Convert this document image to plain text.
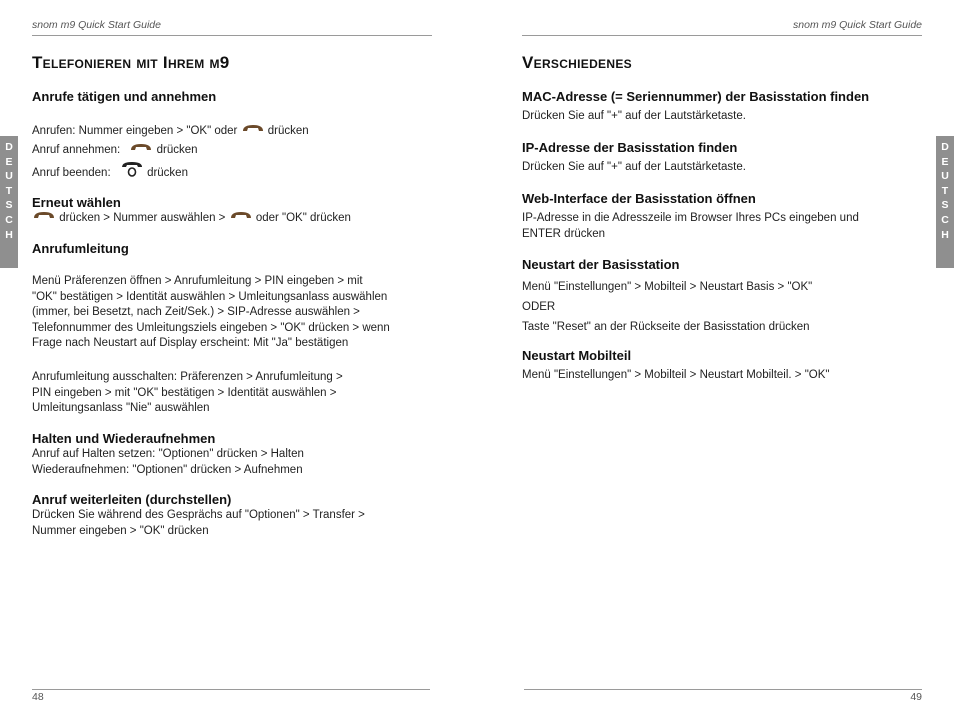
snom m9 Quick Start Guide	snom m9 Quick Start Guide
D
E
U
T
S
C
H
D
E
U
T
S
C
H
Telefonieren mit Ihrem m9
Anrufe tätigen und annehmen
Anrufen: Nummer eingeben > "OK" oder	drücken
Anruf annehmen:	drücken
Anruf beenden:	drücken
Erneut wählen
drücken > Nummer auswählen >	oder "OK" drücken
Anrufumleitung
Menü Präferenzen öffnen > Anrufumleitung > PIN eingeben > mit
"OK" bestätigen > Identität auswählen > Umleitungsanlass auswählen
(immer, bei Besetzt, nach Zeit/Sek.) > SIP-Adresse auswählen >
Telefonnummer des Umleitungsziels eingeben > "OK" drücken > wenn
Frage nach Neustart auf Display erscheint: Mit "Ja" bestätigen
Anrufumleitung ausschalten: Präferenzen > Anrufumleitung >
PIN eingeben > mit "OK" bestätigen > Identität auswählen >
Umleitungsanlass "Nie" auswählen
Halten und Wiederaufnehmen
Anruf auf Halten setzen: "Optionen" drücken > Halten
Wiederaufnehmen: "Optionen" drücken > Aufnehmen
Anruf weiterleiten (durchstellen)
Drücken Sie während des Gesprächs auf "Optionen" > Transfer >
Nummer eingeben > "OK" drücken
Verschiedenes
MAC-Adresse (= Seriennummer) der Basisstation finden
Drücken Sie auf "+" auf der Lautstärketaste.
IP-Adresse der Basisstation finden
Drücken Sie auf "+" auf der Lautstärketaste.
Web-Interface der Basisstation öffnen
IP-Adresse in die Adresszeile im Browser Ihres PCs eingeben und
ENTER drücken
Neustart der Basisstation
Menü "Einstellungen" > Mobilteil > Neustart Basis > "OK"
ODER
Taste "Reset" an der Rückseite der Basisstation drücken
Neustart Mobilteil
Menü "Einstellungen" > Mobilteil > Neustart Mobilteil. > "OK"
48	49
